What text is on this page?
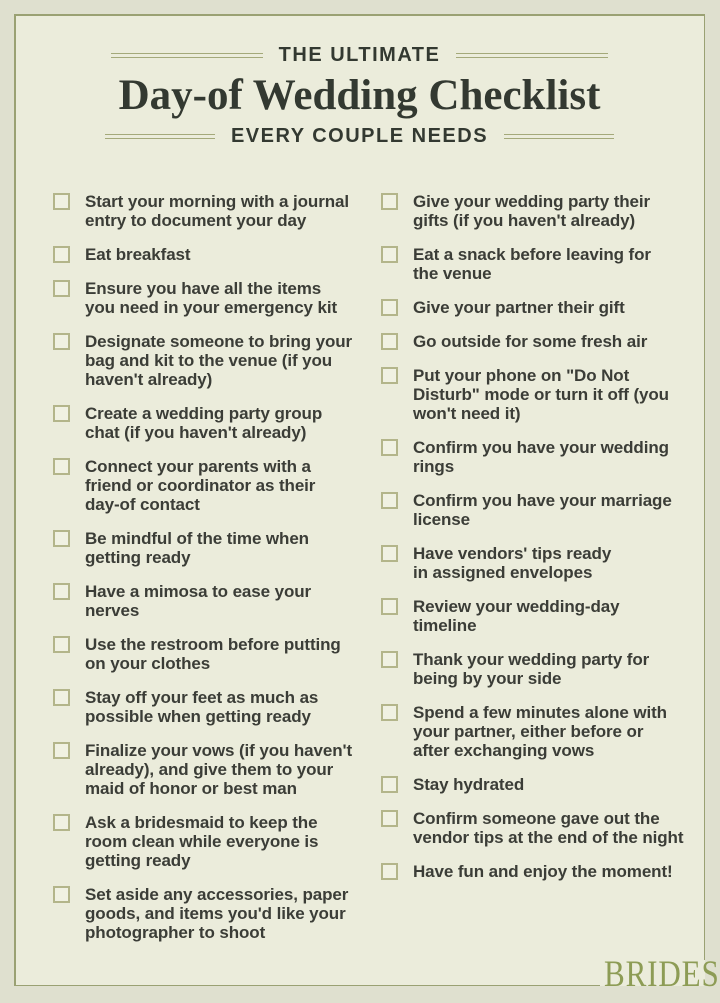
THE ULTIMATE
Day-of Wedding Checklist
EVERY COUPLE NEEDS
Start your morning with a journal
entry to document your day
Eat breakfast
Ensure you have all the items
you need in your emergency kit
Designate someone to bring your
bag and kit to the venue (if you
haven't already)
Create a wedding party group
chat (if you haven't already)
Connect your parents with a
friend or coordinator as their
day-of contact
Be mindful of the time when
getting ready
Have a mimosa to ease your
nerves
Use the restroom before putting
on your clothes
Stay off your feet as much as
possible when getting ready
Finalize your vows (if you haven't
already), and give them to your
maid of honor or best man
Ask a bridesmaid to keep the
room clean while everyone is
getting ready
Set aside any accessories, paper
goods, and items you'd like your
photographer to shoot
Give your wedding party their
gifts (if you haven't already)
Eat a snack before leaving for
the venue
Give your partner their gift
Go outside for some fresh air
Put your phone on "Do Not
Disturb" mode or turn it off (you
won't need it)
Confirm you have your wedding
rings
Confirm you have your marriage
license
Have vendors' tips ready
in assigned envelopes
Review your wedding-day
timeline
Thank your wedding party for
being by your side
Spend a few minutes alone with
your partner, either before or
after exchanging vows
Stay hydrated
Confirm someone gave out the
vendor tips at the end of the night
Have fun and enjoy the moment!
BRIDES
